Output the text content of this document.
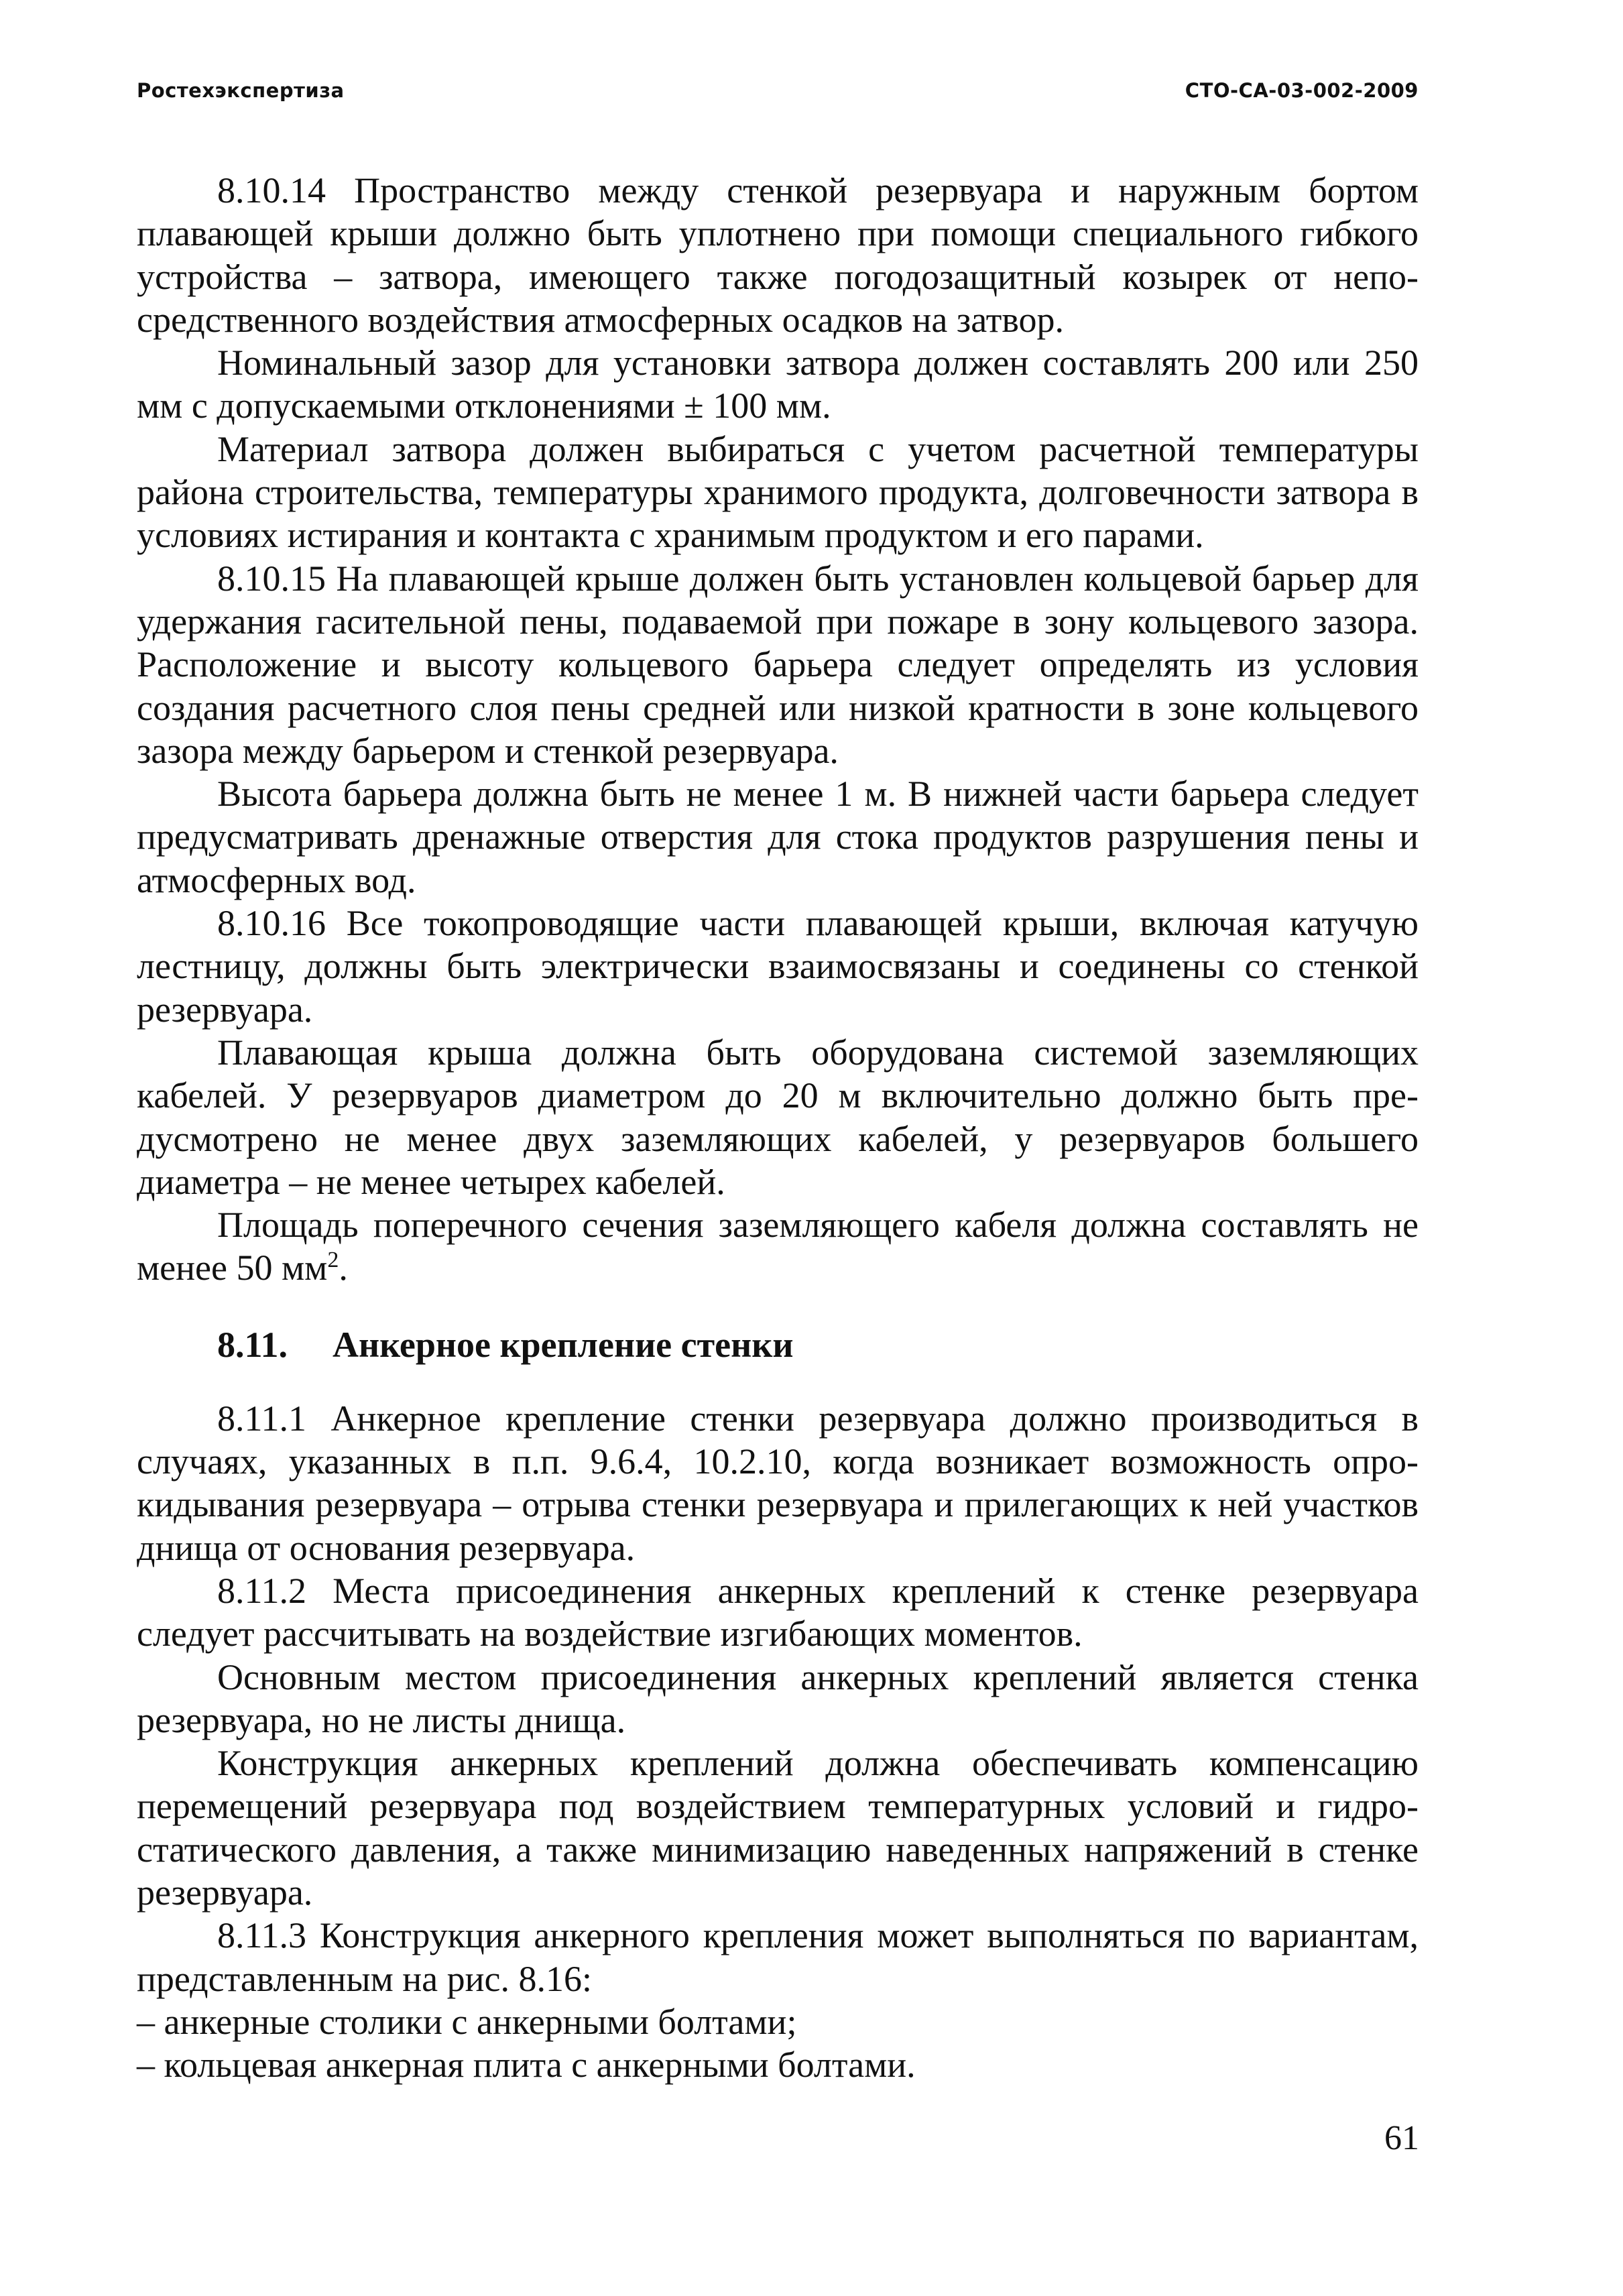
Ростехэкспертиза	СТО-СА-03-002-2009

8.10.14 Пространство между стенкой резервуара и наружным бортом плавающей крыши должно быть уплотнено при помощи специального гибкого устройства – затвора, имеющего также погодозащитный козырек от непосредственного воздействия атмосферных осадков на затвор.

Номинальный зазор для установки затвора должен составлять 200 или 250 мм с допускаемыми отклонениями ± 100 мм.

Материал затвора должен выбираться с учетом расчетной температуры района строительства, температуры хранимого продукта, долговечности затвора в условиях истирания и контакта с хранимым продуктом и его парами.

8.10.15 На плавающей крыше должен быть установлен кольцевой барьер для удержания гасительной пены, подаваемой при пожаре в зону кольцевого зазора. Расположение и высоту кольцевого барьера следует определять из условия создания расчетного слоя пены средней или низкой кратности в зоне кольцевого зазора между барьером и стенкой резервуара.

Высота барьера должна быть не менее 1 м. В нижней части барьера следует предусматривать дренажные отверстия для стока продуктов разрушения пены и атмосферных вод.

8.10.16 Все токопроводящие части плавающей крыши, включая катучую лестницу, должны быть электрически взаимосвязаны и соединены со стенкой резервуара.

Плавающая крыша должна быть оборудована системой заземляющих кабелей. У резервуаров диаметром до 20 м включительно должно быть предусмотрено не менее двух заземляющих кабелей, у резервуаров большего диаметра – не менее четырех кабелей.

Площадь поперечного сечения заземляющего кабеля должна составлять не менее 50 $мм^2$.

8.11. Анкерное крепление стенки

8.11.1 Анкерное крепление стенки резервуара должно производиться в случаях, указанных в п.п. 9.6.4, 10.2.10, когда возникает возможность опрокидывания резервуара – отрыва стенки резервуара и прилегающих к ней участков днища от основания резервуара.

8.11.2 Места присоединения анкерных креплений к стенке резервуара следует рассчитывать на воздействие изгибающих моментов.

Основным местом присоединения анкерных креплений является стенка резервуара, но не листы днища.

Конструкция анкерных креплений должна обеспечивать компенсацию перемещений резервуара под воздействием температурных условий и гидростатического давления, а также минимизацию наведенных напряжений в стенке резервуара.

8.11.3 Конструкция анкерного крепления может выполняться по вариантам, представленным на рис. 8.16:

– анкерные столики с анкерными болтами;

– кольцевая анкерная плита с анкерными болтами.

61
